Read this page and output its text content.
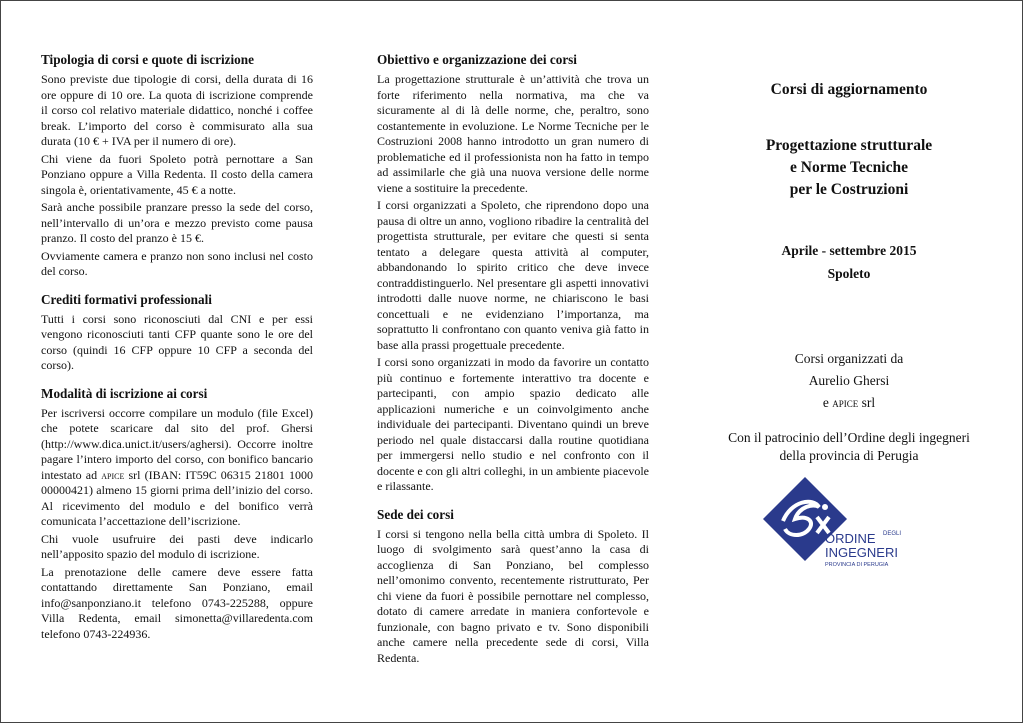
Tipologia di corsi e quote di iscrizione

Sono previste due tipologie di corsi, della durata di 16 ore oppure di 10 ore. La quota di iscrizione comprende il corso col relativo materiale didattico, nonché i coffee break. L’importo del corso è commisurato alla sua durata (10 € + IVA per il numero di ore).

Chi viene da fuori Spoleto potrà pernottare a San Ponziano oppure a Villa Redenta. Il costo della camera singola è, orientativamente, 45 € a notte.

Sarà anche possibile pranzare presso la sede del corso, nell’intervallo di un’ora e mezzo previsto come pausa pranzo. Il costo del pranzo è 15 €.

Ovviamente camera e pranzo non sono inclusi nel costo del corso.

Crediti formativi professionali

Tutti i corsi sono riconosciuti dal CNI e per essi vengono riconosciuti tanti CFP quante sono le ore del corso (quindi 16 CFP oppure 10 CFP a seconda del corso).

Modalità di iscrizione ai corsi

Per iscriversi occorre compilare un modulo (file Excel) che potete scaricare dal sito del prof. Ghersi (http://www.dica.unict.it/users/aghersi). Occorre inoltre pagare l’intero importo del corso, con bonifico bancario intestato ad apice srl (IBAN: IT59C 06315 21801 1000 00000421) almeno 15 giorni prima dell’inizio del corso. Al ricevimento del modulo e del bonifico verrà comunicata l’accettazione dell’iscrizione.

Chi vuole usufruire dei pasti deve indicarlo nell’apposito spazio del modulo di iscrizione.

La prenotazione delle camere deve essere fatta contattando direttamente San Ponziano, email info@sanponziano.it telefono 0743-225288, oppure Villa Redenta, email simonetta@villaredenta.com telefono 0743-224936.

Obiettivo e organizzazione dei corsi

La progettazione strutturale è un’attività che trova un forte riferimento nella normativa, ma che va sicuramente al di là delle norme, che, peraltro, sono costantemente in evoluzione. Le Norme Tecniche per le Costruzioni 2008 hanno introdotto un gran numero di problematiche ed il professionista non ha fatto in tempo ad assimilarle che già una nuova versione delle norme viene a sostituire la precedente.

I corsi organizzati a Spoleto, che riprendono dopo una pausa di oltre un anno, vogliono ribadire la centralità del progettista strutturale, per evitare che questi si senta tentato a delegare questa attività al computer, abbandonando lo spirito critico che deve invece contraddistinguerlo. Nel presentare gli aspetti innovativi introdotti dalle nuove norme, ne chiariscono le basi concettuali e ne evidenziano l’importanza, ma soprattutto li confrontano con quanto veniva già fatto in base alla prassi progettuale precedente.

I corsi sono organizzati in modo da favorire un contatto più continuo e fortemente interattivo tra docente e partecipanti, con ampio spazio dedicato alle applicazioni numeriche e un coinvolgimento anche individuale dei partecipanti. Diventano quindi un breve periodo nel quale distaccarsi dalla routine quotidiana per immergersi nello studio e nel confronto con il docente e con gli altri colleghi, in un ambiente piacevole e rilassante.

Sede dei corsi

I corsi si tengono nella bella città umbra di Spoleto. Il luogo di svolgimento sarà quest’anno la casa di accoglienza di San Ponziano, bel complesso nell’omonimo convento, recentemente ristrutturato, Per chi viene da fuori è possibile pernottare nel complesso, dotato di camere arredate in maniera confortevole e funzionale, con bagno privato e tv. Sono disponibili anche camere nella precedente sede di corsi, Villa Redenta.

Corsi di aggiornamento
Progettazione strutturale
e Norme Tecniche
per le Costruzioni
Aprile - settembre 2015
Spoleto
Corsi organizzati da
Aurelio Ghersi
e apice srl
Con il patrocinio dell’Ordine degli ingegneri
della provincia di Perugia
ORDINE DEGLI
INGEGNERI
PROVINCIA DI PERUGIA
